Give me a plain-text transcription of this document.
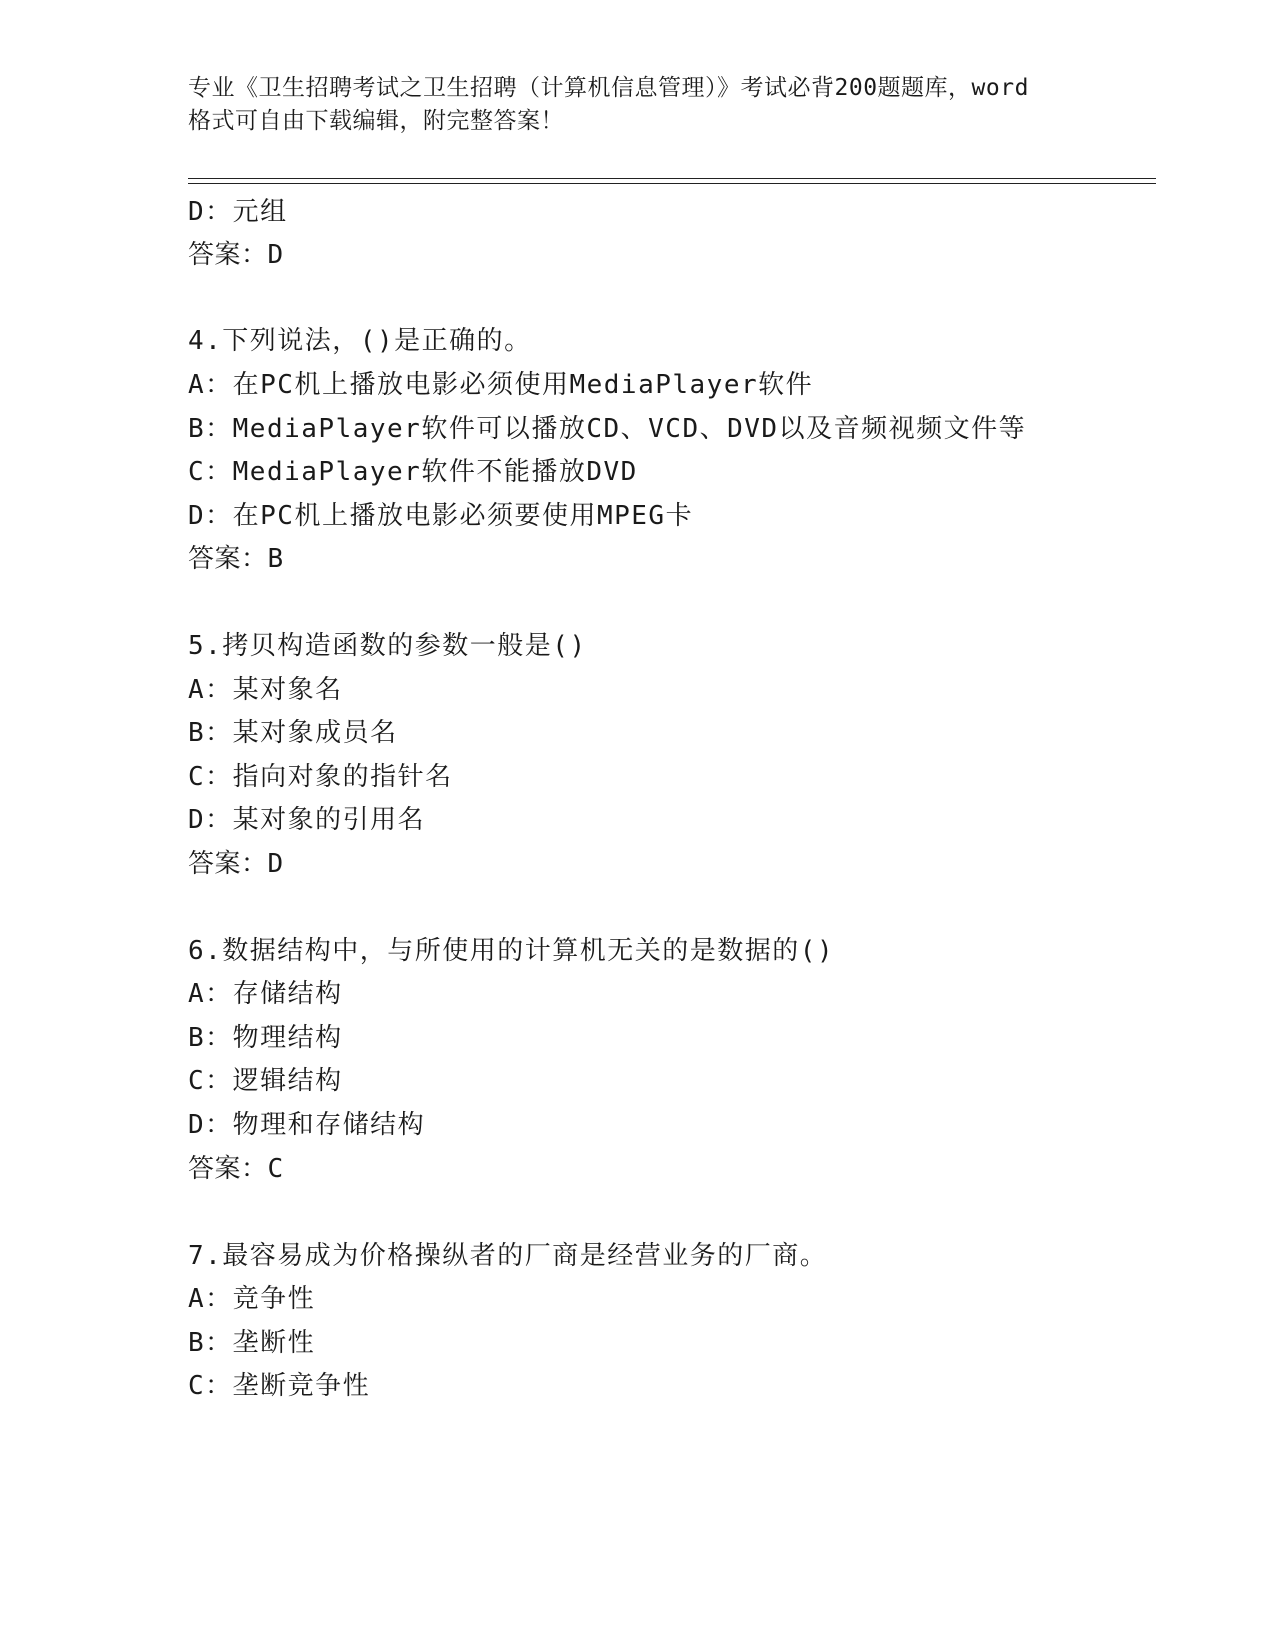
专业《卫生招聘考试之卫生招聘（计算机信息管理）》考试必背200题题库，word
格式可自由下载编辑，附完整答案！
D：元组
答案：D
4.下列说法，()是正确的。
A：在PC机上播放电影必须使用MediaPlayer软件
B：MediaPlayer软件可以播放CD、VCD、DVD以及音频视频文件等
C：MediaPlayer软件不能播放DVD
D：在PC机上播放电影必须要使用MPEG卡
答案：B
5.拷贝构造函数的参数一般是()
A：某对象名
B：某对象成员名
C：指向对象的指针名
D：某对象的引用名
答案：D
6.数据结构中，与所使用的计算机无关的是数据的()
A：存储结构
B：物理结构
C：逻辑结构
D：物理和存储结构
答案：C
7.最容易成为价格操纵者的厂商是经营业务的厂商。
A：竞争性
B：垄断性
C：垄断竞争性
